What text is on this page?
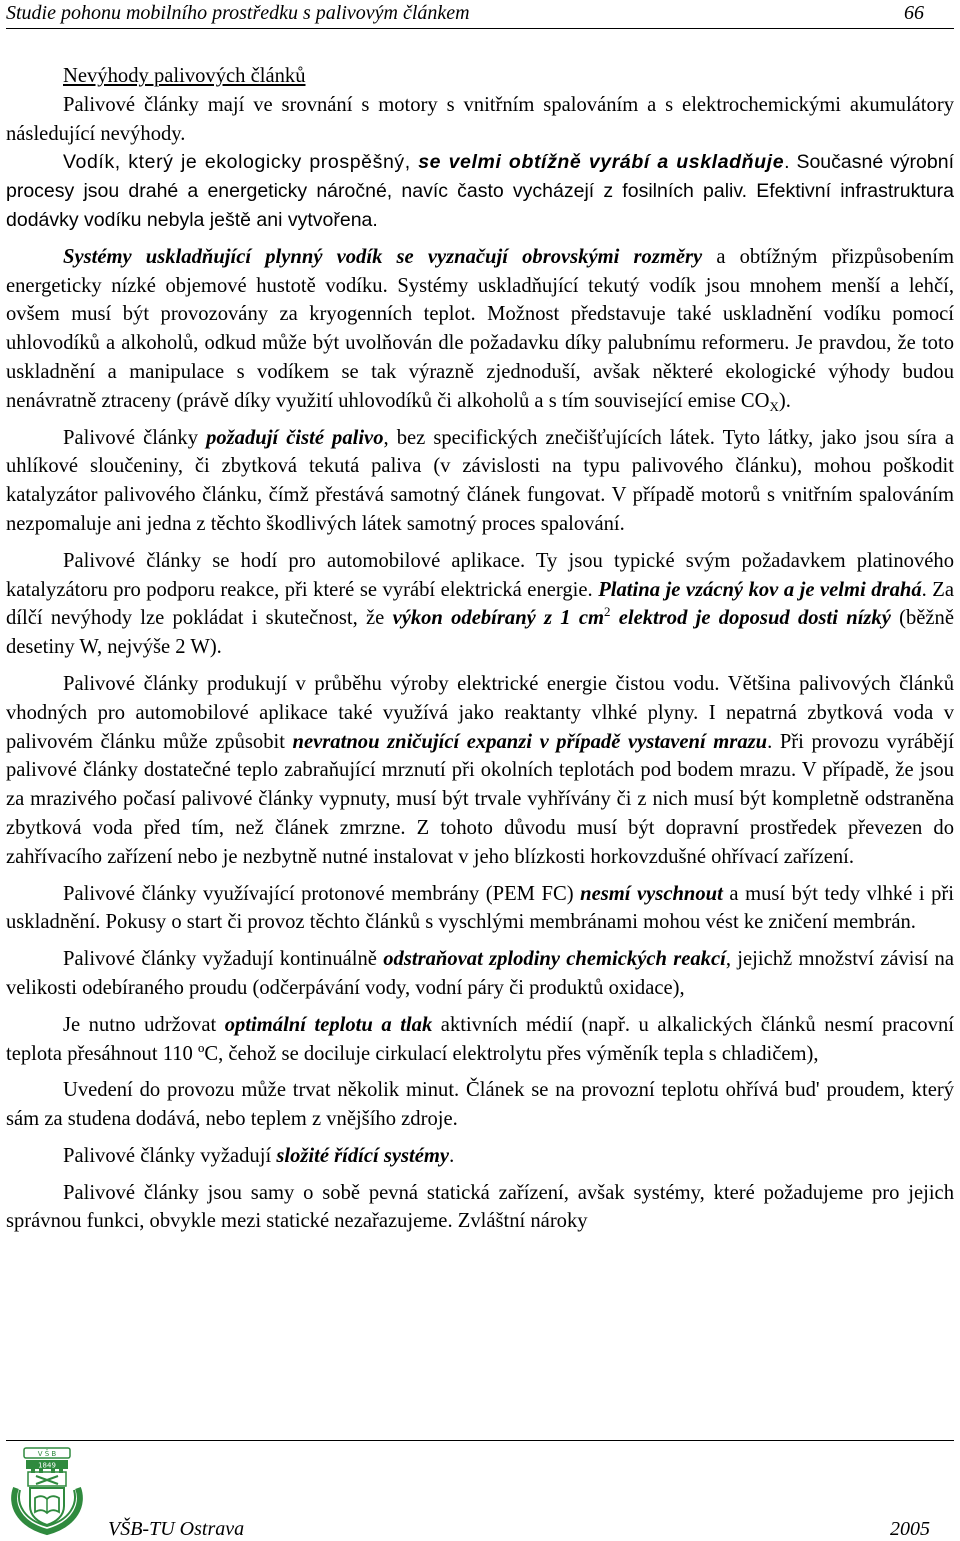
Studie pohonu mobilního prostředku s palivovým článkem	66
Nevýhody palivových článků

Palivové články mají ve srovnání s motory s vnitřním spalováním a s elektrochemickými akumulátory následující nevýhody.

Vodík, který je ekologicky prospěšný, se velmi obtížně vyrábí a uskladňuje. Současné výrobní procesy jsou drahé a energeticky náročné, navíc často vycházejí z fosilních paliv. Efektivní infrastruktura dodávky vodíku nebyla ještě ani vytvořena.

Systémy uskladňující plynný vodík se vyznačují obrovskými rozměry a obtížným přizpůsobením energeticky nízké objemové hustotě vodíku. Systémy uskladňující tekutý vodík jsou mnohem menší a lehčí, ovšem musí být provozovány za kryogenních teplot. Možnost představuje také uskladnění vodíku pomocí uhlovodíků a alkoholů, odkud může být uvolňován dle požadavku díky palubnímu reformeru. Je pravdou, že toto uskladnění a manipulace s vodíkem se tak výrazně zjednoduší, avšak některé ekologické výhody budou nenávratně ztraceny (právě díky využití uhlovodíků či alkoholů a s tím související emise $CO_X$).

Palivové články požadují čisté palivo, bez specifických znečišťujících látek. Tyto látky, jako jsou síra a uhlíkové sloučeniny, či zbytková tekutá paliva (v závislosti na typu palivového článku), mohou poškodit katalyzátor palivového článku, čímž přestává samotný článek fungovat. V případě motorů s vnitřním spalováním nezpomaluje ani jedna z těchto škodlivých látek samotný proces spalování.

Palivové články se hodí pro automobilové aplikace. Ty jsou typické svým požadavkem platinového katalyzátoru pro podporu reakce, při které se vyrábí elektrická energie. Platina je vzácný kov a je velmi drahá. Za dílčí nevýhody lze pokládat i skutečnost, že výkon odebíraný z 1 $cm^2$ elektrod je doposud dosti nízký (běžně desetiny W, nejvýše 2 W).

Palivové články produkují v průběhu výroby elektrické energie čistou vodu. Většina palivových článků vhodných pro automobilové aplikace také využívá jako reaktanty vlhké plyny. I nepatrná zbytková voda v palivovém článku může způsobit nevratnou zničující expanzi v případě vystavení mrazu. Při provozu vyrábějí palivové články dostatečné teplo zabraňující mrznutí při okolních teplotách pod bodem mrazu. V případě, že jsou za mrazivého počasí palivové články vypnuty, musí být trvale vyhřívány či z nich musí být kompletně odstraněna zbytková voda před tím, než článek zmrzne. Z tohoto důvodu musí být dopravní prostředek převezen do zahřívacího zařízení nebo je nezbytně nutné instalovat v jeho blízkosti horkovzdušné ohřívací zařízení.

Palivové články využívající protonové membrány (PEM FC) nesmí vyschnout a musí být tedy vlhké i při uskladnění. Pokusy o start či provoz těchto článků s vyschlými membránami mohou vést ke zničení membrán.

Palivové články vyžadují kontinuálně odstraňovat zplodiny chemických reakcí, jejichž množství závisí na velikosti odebíraného proudu (odčerpávání vody, vodní páry či produktů oxidace),

Je nutno udržovat optimální teplotu a tlak aktivních médií (např. u alkalických článků nesmí pracovní teplota přesáhnout 110 ºC, čehož se dociluje cirkulací elektrolytu přes výměník tepla s chladičem),

Uvedení do provozu může trvat několik minut. Článek se na provozní teplotu ohřívá bud' proudem, který sám za studena dodává, nebo teplem z vnějšího zdroje.

Palivové články vyžadují složité řídící systémy.

Palivové články jsou samy o sobě pevná statická zařízení, avšak systémy, které požadujeme pro jejich správnou funkci, obvykle mezi statické nezařazujeme. Zvláštní nároky

V Š B
1849
VŠB-TU Ostrava	2005
